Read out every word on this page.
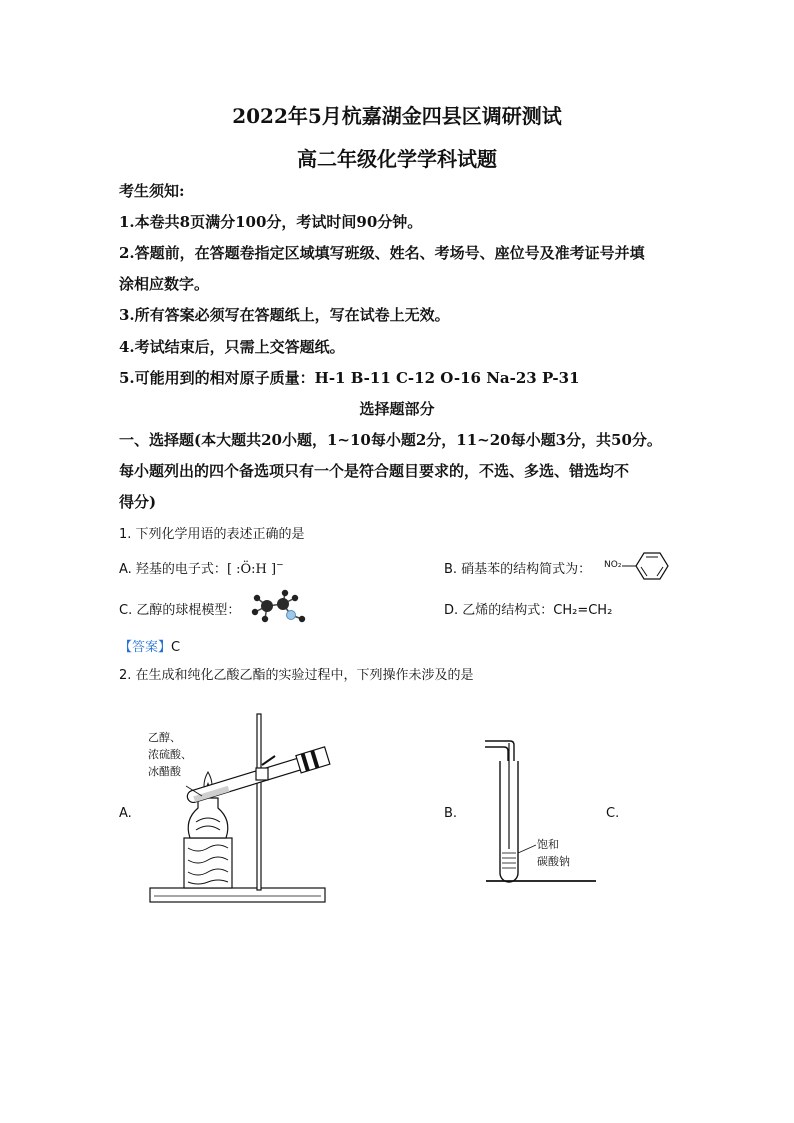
2022年5月杭嘉湖金四县区调研测试
高二年级化学学科试题
考生须知:
1.本卷共8页满分100分，考试时间90分钟。
2.答题前，在答题卷指定区域填写班级、姓名、考场号、座位号及准考证号并填
涂相应数字。
3.所有答案必须写在答题纸上，写在试卷上无效。
4.考试结束后，只需上交答题纸。
5.可能用到的相对原子质量：H-1 B-11 C-12 O-16 Na-23 P-31
选择题部分
一、选择题(本大题共20小题，1~10每小题2分，11~20每小题3分，共50分。
每小题列出的四个备选项只有一个是符合题目要求的，不选、多选、错选均不
得分)
1. 下列化学用语的表述正确的是
A. 羟基的电子式：[ :Ö:H ]−	B. 硝基苯的结构简式为： NO₂
C. 乙醇的球棍模型：	D. 乙烯的结构式：CH₂=CH₂
【答案】C
2. 在生成和纯化乙酸乙酯的实验过程中，下列操作未涉及的是
A.	B.	C.
乙醇、
浓硫酸、
冰醋酸
饱和
碳酸钠
